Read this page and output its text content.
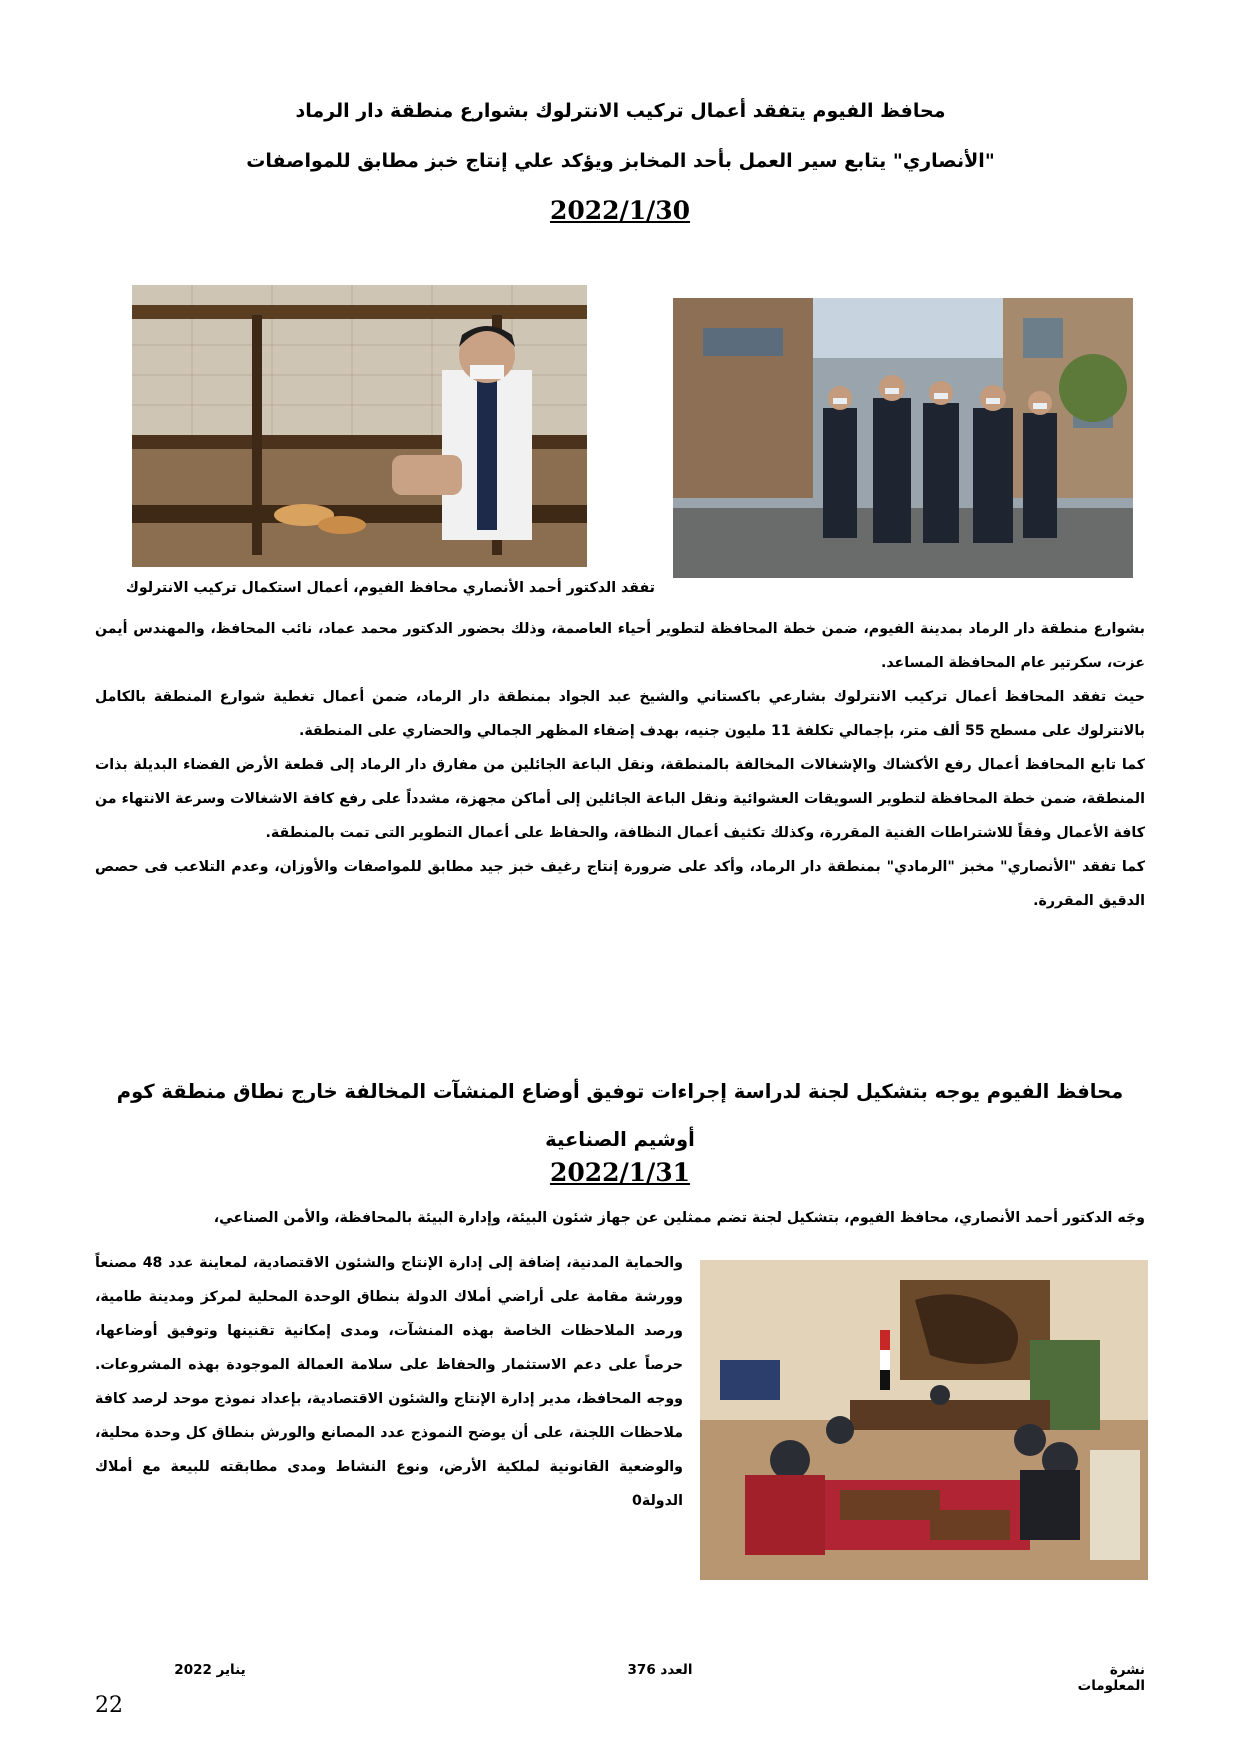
محافظ الفيوم يتفقد أعمال تركيب الانترلوك بشوارع منطقة دار الرماد
"الأنصاري" يتابع سير العمل بأحد المخابز ويؤكد علي إنتاج خبز مطابق للمواصفات
2022/1/30
تفقد الدكتور أحمد الأنصاري محافظ الفيوم، أعمال استكمال تركيب الانترلوك

بشوارع منطقة دار الرماد بمدينة الفيوم، ضمن خطة المحافظة لتطوير أحياء العاصمة، وذلك بحضور الدكتور محمد عماد، نائب المحافظ، والمهندس أيمن عزت، سكرتير عام المحافظة المساعد.

حيث تفقد المحافظ أعمال تركيب الانترلوك بشارعي باكستاني والشيخ عبد الجواد بمنطقة دار الرماد، ضمن أعمال تغطية شوارع المنطقة بالكامل بالانترلوك على مسطح 55 ألف متر، بإجمالي تكلفة 11 مليون جنيه، بهدف إضفاء المظهر الجمالي والحضاري على المنطقة.

كما تابع المحافظ أعمال رفع الأكشاك والإشغالات المخالفة بالمنطقة، ونقل الباعة الجائلين من مفارق دار الرماد إلى قطعة الأرض الفضاء البديلة بذات المنطقة، ضمن خطة المحافظة لتطوير السويقات العشوائية ونقل الباعة الجائلين إلى أماكن مجهزة، مشدداً على رفع كافة الاشغالات وسرعة الانتهاء من كافة الأعمال وفقاً للاشتراطات الفنية المقررة، وكذلك تكثيف أعمال النظافة، والحفاظ على أعمال التطوير التى تمت بالمنطقة.

كما تفقد "الأنصاري" مخبز "الرمادي" بمنطقة دار الرماد، وأكد على ضرورة إنتاج رغيف خبز جيد مطابق للمواصفات والأوزان، وعدم التلاعب فى حصص الدقيق المقررة.

محافظ الفيوم يوجه بتشكيل لجنة لدراسة إجراءات توفيق أوضاع المنشآت المخالفة خارج نطاق منطقة كوم أوشيم الصناعية
2022/1/31
وجَه الدكتور أحمد الأنصاري، محافظ الفيوم، بتشكيل لجنة تضم ممثلين عن جهاز شئون البيئة، وإدارة البيئة بالمحافظة، والأمن الصناعي،
والحماية المدنية، إضافة إلى إدارة الإنتاج والشئون الاقتصادية، لمعاينة عدد 48 مصنعاً وورشة مقامة على أراضي أملاك الدولة بنطاق الوحدة المحلية لمركز ومدينة طامية، ورصد الملاحظات الخاصة بهذه المنشآت، ومدى إمكانية تقنينها وتوفيق أوضاعها، حرصاً على دعم الاستثمار والحفاظ على سلامة العمالة الموجودة بهذه المشروعات. ووجه المحافظ، مدير إدارة الإنتاج والشئون الاقتصادية، بإعداد نموذج موحد لرصد كافة ملاحظات اللجنة، على أن يوضح النموذج عدد المصانع والورش بنطاق كل وحدة محلية، والوضعية القانونية لملكية الأرض، ونوع النشاط ومدى مطابقته للبيعة مع أملاك الدولة0
نشرة المعلومات
العدد 376
يناير 2022
22
